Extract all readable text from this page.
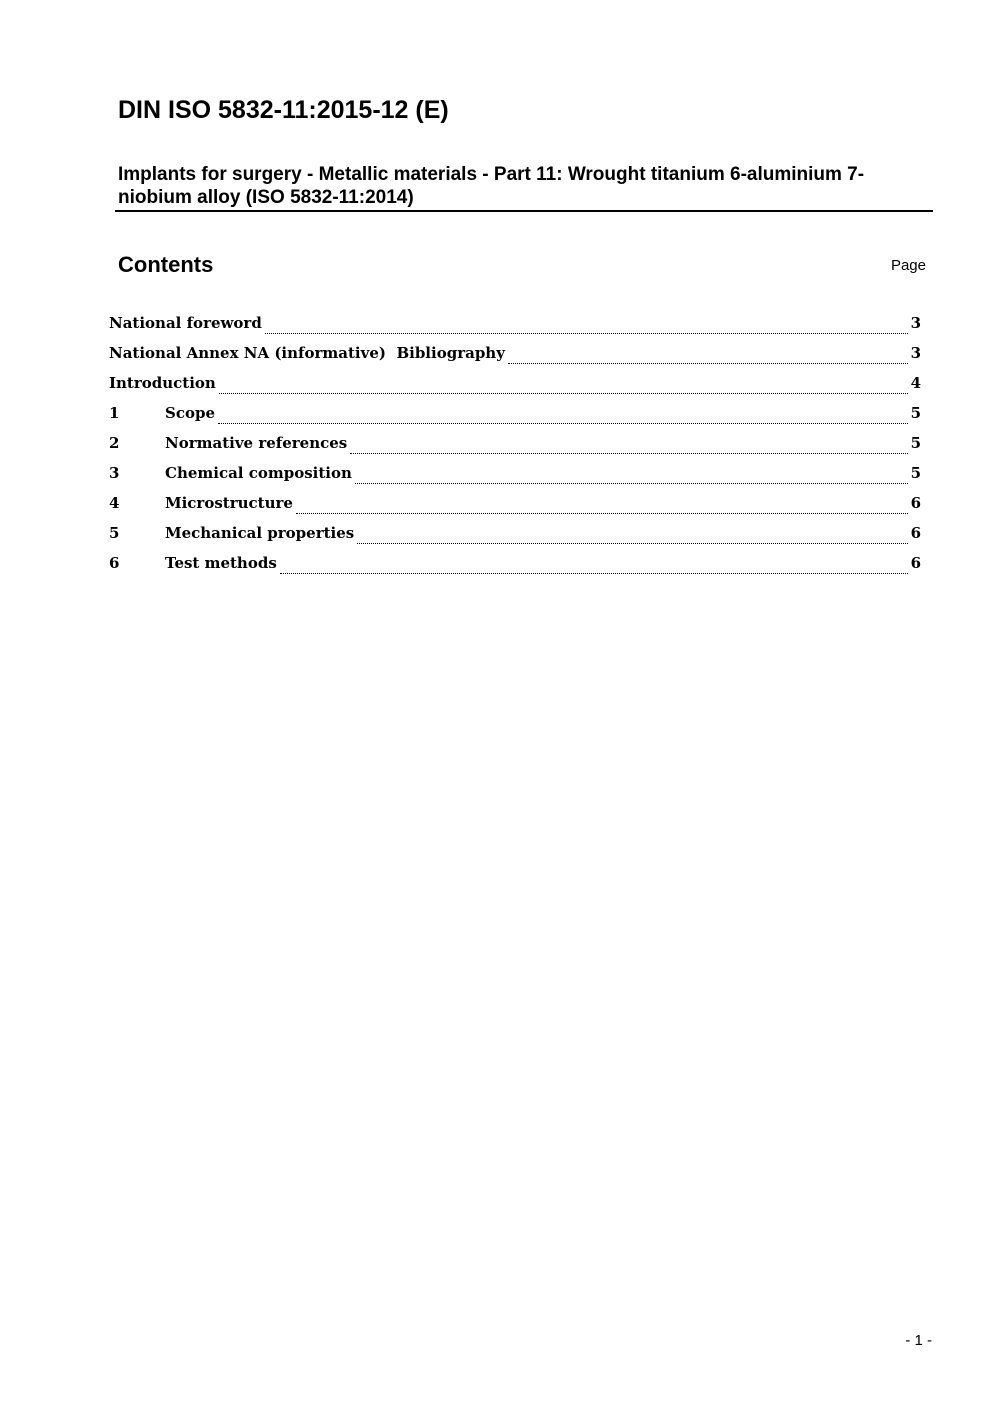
DIN ISO 5832-11:2015-12 (E)

Implants for surgery - Metallic materials - Part 11: Wrought titanium 6-aluminium 7-niobium alloy (ISO 5832-11:2014)

Contents	Page
National foreword	3
National Annex NA (informative) Bibliography	3
Introduction	4
1	Scope	5
2	Normative references	5
3	Chemical composition	5
4	Microstructure	6
5	Mechanical properties	6
6	Test methods	6
- 1 -
